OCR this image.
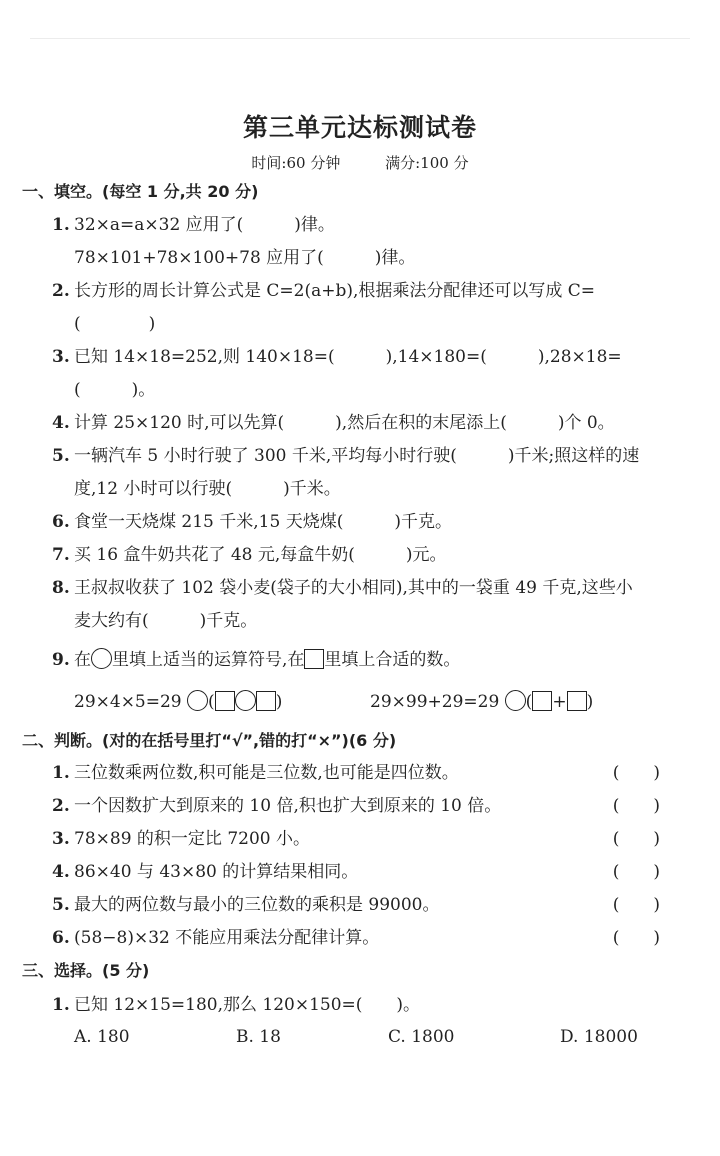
第三单元达标测试卷
时间:60 分钟	满分:100 分
一、填空。(每空 1 分,共 20 分)
1. 32×a=a×32 应用了(　　　)律。
78×101+78×100+78 应用了(　　　)律。
2. 长方形的周长计算公式是 C=2(a+b),根据乘法分配律还可以写成 C=
(　　　　)
3. 已知 14×18=252,则 140×18=(　　　),14×180=(　　　),28×18=
(　　　)。
4. 计算 25×120 时,可以先算(　　　),然后在积的末尾添上(　　　)个 0。
5. 一辆汽车 5 小时行驶了 300 千米,平均每小时行驶(　　　)千米;照这样的速
度,12 小时可以行驶(　　　)千米。
6. 食堂一天烧煤 215 千米,15 天烧煤(　　　)千克。
7. 买 16 盒牛奶共花了 48 元,每盒牛奶(　　　)元。
8. 王叔叔收获了 102 袋小麦(袋子的大小相同),其中的一袋重 49 千克,这些小
麦大约有(　　　)千克。
9. 在 里填上适当的运算符号,在 里填上合适的数。
29×4×5=29 (	)	29×99+29=29 ( + )
二、判断。(对的在括号里打“√”,错的打“×”)(6 分)
1. 三位数乘两位数,积可能是三位数,也可能是四位数。	(　　)
2. 一个因数扩大到原来的 10 倍,积也扩大到原来的 10 倍。	(　　)
3. 78×89 的积一定比 7200 小。	(　　)
4. 86×40 与 43×80 的计算结果相同。	(　　)
5. 最大的两位数与最小的三位数的乘积是 99000。	(　　)
6. (58−8)×32 不能应用乘法分配律计算。	(　　)
三、选择。(5 分)
1. 已知 12×15=180,那么 120×150=(　　)。
A. 180	B. 18	C. 1800	D. 18000
